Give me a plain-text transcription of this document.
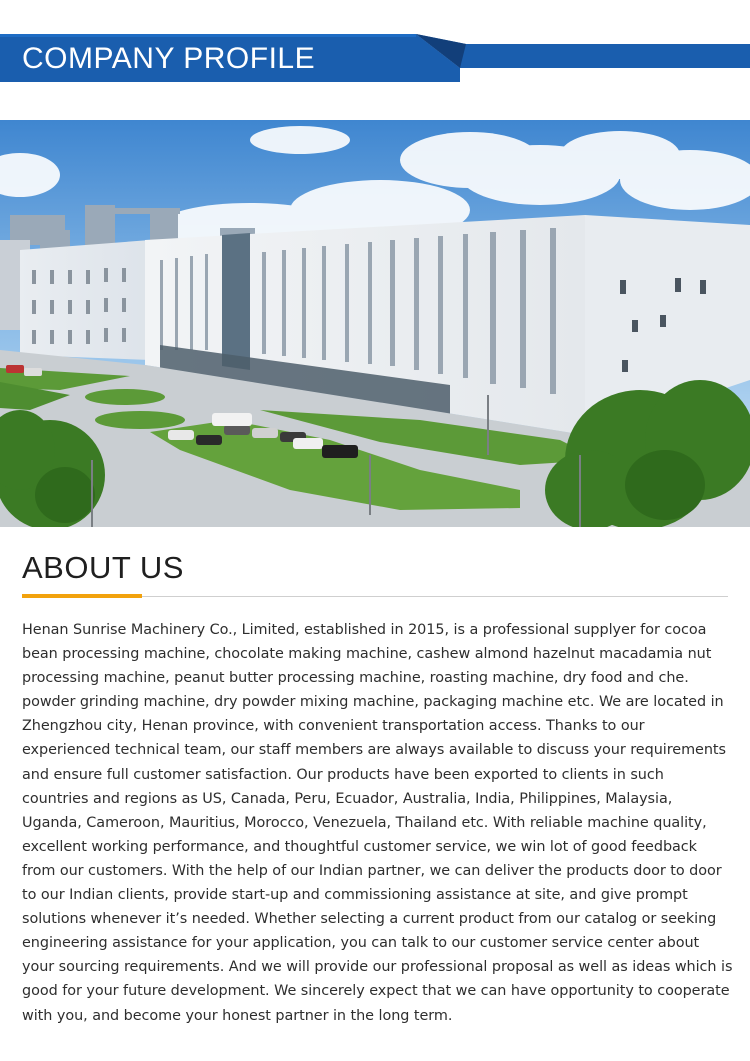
COMPANY PROFILE
ABOUT US

Henan Sunrise Machinery Co., Limited, established in 2015, is a professional supplyer for cocoa bean processing machine, chocolate making machine, cashew almond hazelnut macadamia nut processing machine, peanut butter processing machine, roasting machine, dry food and che. powder grinding machine, dry powder mixing machine, packaging machine etc. We are located in Zhengzhou city, Henan province, with convenient transportation access. Thanks to our experienced technical team, our staff members are always available to discuss your requirements and ensure full customer satisfaction. Our products have been exported to clients in such countries and regions as US, Canada, Peru, Ecuador, Australia, India, Philippines, Malaysia, Uganda, Cameroon, Mauritius, Morocco, Venezuela, Thailand etc. With reliable machine quality, excellent working performance, and thoughtful customer service, we win lot of good feedback from our customers. With the help of our Indian partner, we can deliver the products door to door to our Indian clients, provide start-up and commissioning assistance at site, and give prompt solutions whenever it’s needed. Whether selecting a current product from our catalog or seeking engineering assistance for your application, you can talk to our customer service center about your sourcing requirements. And we will provide our professional proposal as well as ideas which is good for your future development. We sincerely expect that we can have opportunity to cooperate with you, and become your honest partner in the long term.
